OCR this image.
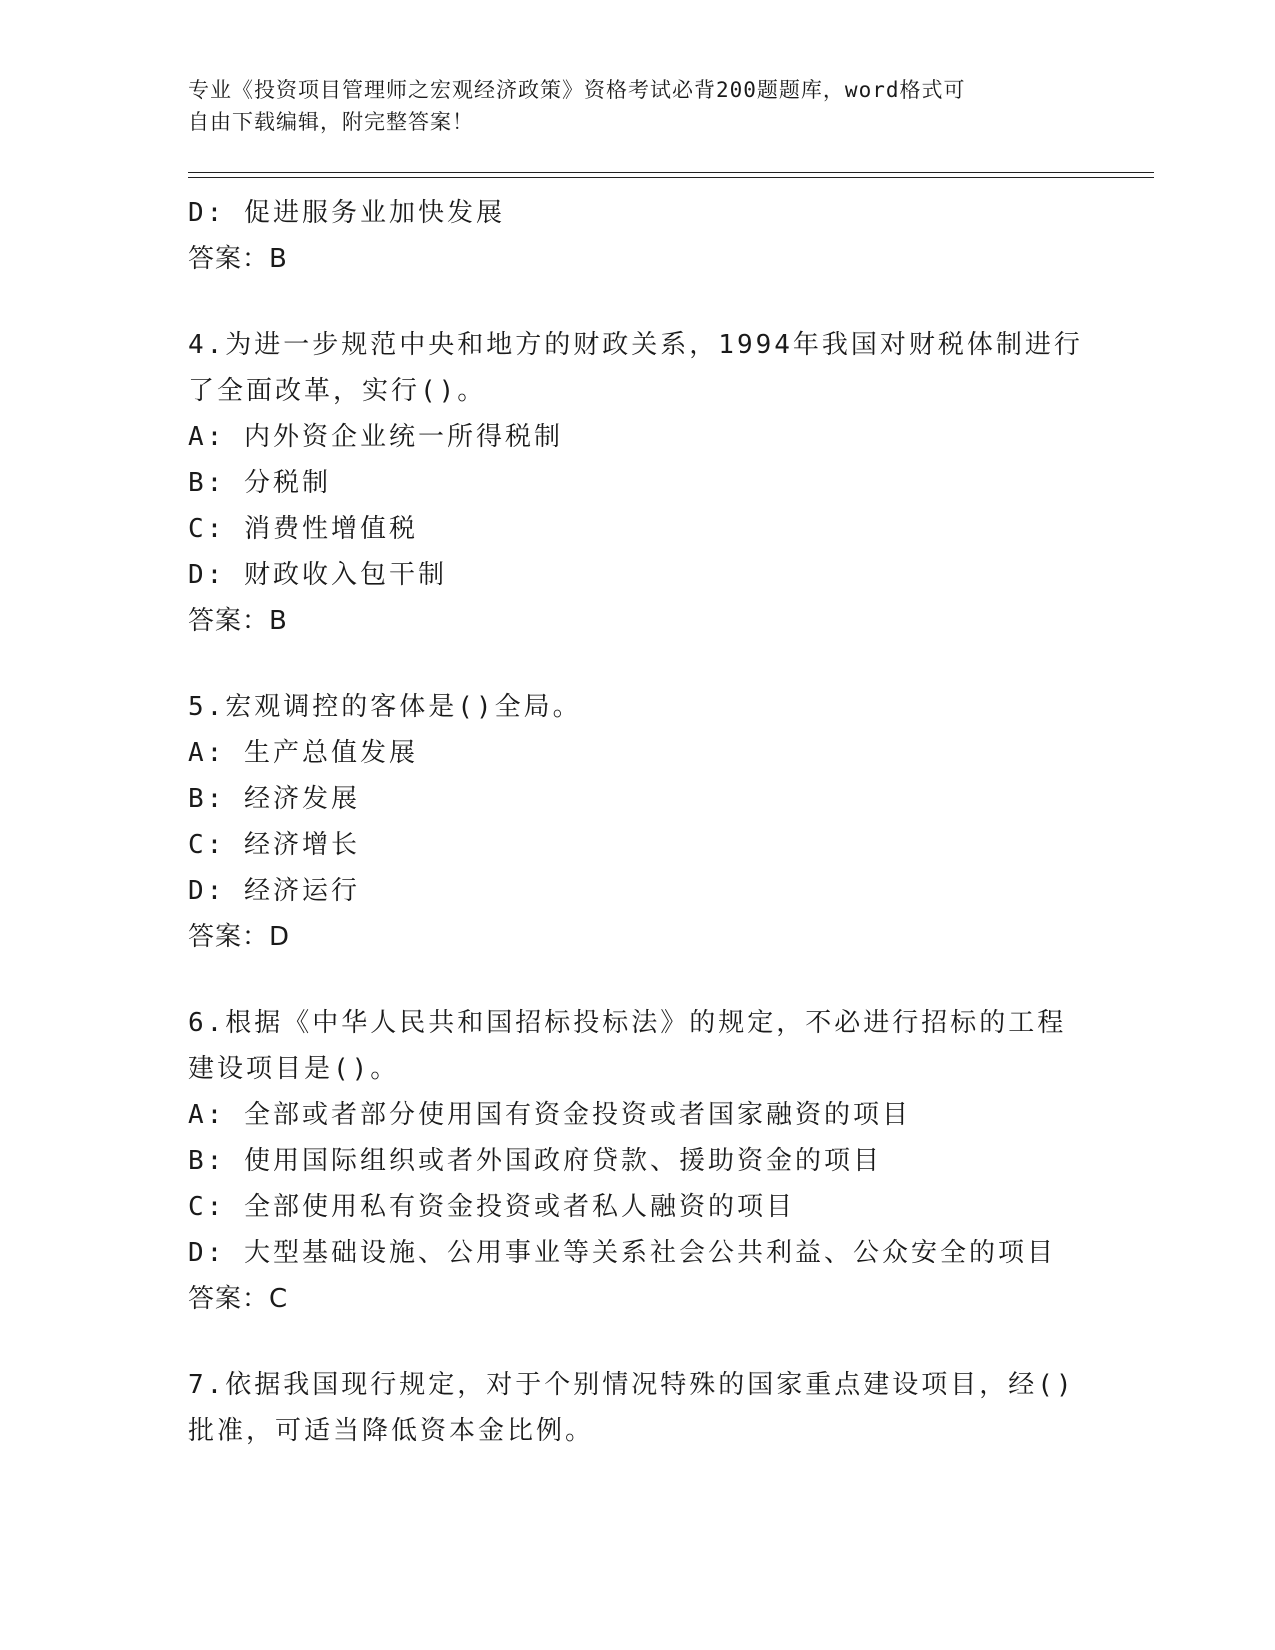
专业《投资项目管理师之宏观经济政策》资格考试必背200题题库，word格式可
自由下载编辑，附完整答案！
D: 促进服务业加快发展
答案：B
4.为进一步规范中央和地方的财政关系，1994年我国对财税体制进行
了全面改革，实行()。
A: 内外资企业统一所得税制
B: 分税制
C: 消费性增值税
D: 财政收入包干制
答案：B
5.宏观调控的客体是()全局。
A: 生产总值发展
B: 经济发展
C: 经济增长
D: 经济运行
答案：D
6.根据《中华人民共和国招标投标法》的规定，不必进行招标的工程
建设项目是()。
A: 全部或者部分使用国有资金投资或者国家融资的项目
B: 使用国际组织或者外国政府贷款、援助资金的项目
C: 全部使用私有资金投资或者私人融资的项目
D: 大型基础设施、公用事业等关系社会公共利益、公众安全的项目
答案：C
7.依据我国现行规定，对于个别情况特殊的国家重点建设项目，经()
批准，可适当降低资本金比例。
